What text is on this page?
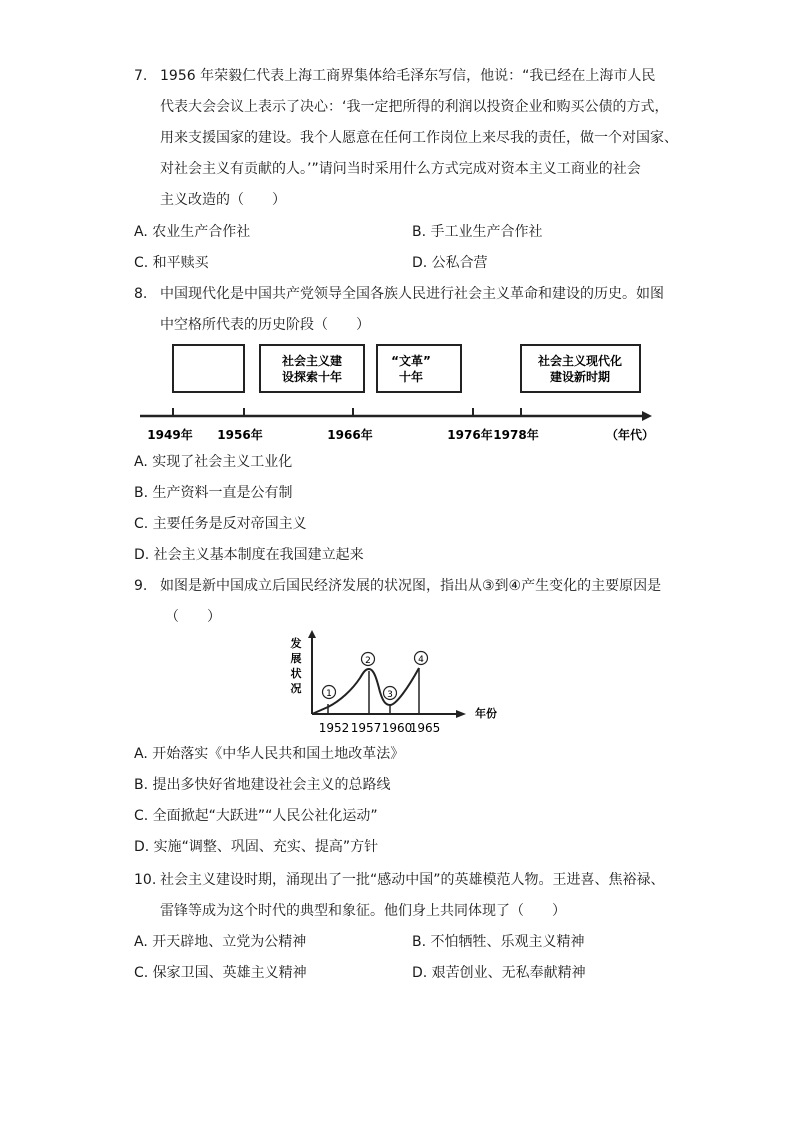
7. 1956 年荣毅仁代表上海工商界集体给毛泽东写信，他说：“我已经在上海市人民
代表大会会议上表示了决心：‘我一定把所得的利润以投资企业和购买公债的方式，
用来支援国家的建设。我个人愿意在任何工作岗位上来尽我的责任，做一个对国家、
对社会主义有贡献的人。’”请问当时采用什么方式完成对资本主义工商业的社会
主义改造的（　　）
A. 农业生产合作社	B. 手工业生产合作社
C. 和平赎买	D. 公私合营
8. 中国现代化是中国共产党领导全国各族人民进行社会主义革命和建设的历史。如图
中空格所代表的历史阶段（　　）
社会主义建
设探索十年
“文革”
十年
社会主义现代化
建设新时期
1949年 1956年	1966年	1976年 1978年	（年代）
A. 实现了社会主义工业化
B. 生产资料一直是公有制
C. 主要任务是反对帝国主义
D. 社会主义基本制度在我国建立起来
9. 如图是新中国成立后国民经济发展的状况图，指出从③到④产生变化的主要原因是
（　　）
发
展
状
况
年份
1
2
3
4
1952 1957 1960
1965
A. 开始落实《中华人民共和国土地改革法》
B. 提出多快好省地建设社会主义的总路线
C. 全面掀起“大跃进”“人民公社化运动”
D. 实施“调整、巩固、充实、提高”方针
10. 社会主义建设时期，涌现出了一批“感动中国”的英雄模范人物。王进喜、焦裕禄、
雷锋等成为这个时代的典型和象征。他们身上共同体现了（　　）
A. 开天辟地、立党为公精神	B. 不怕牺牲、乐观主义精神
C. 保家卫国、英雄主义精神	D. 艰苦创业、无私奉献精神
